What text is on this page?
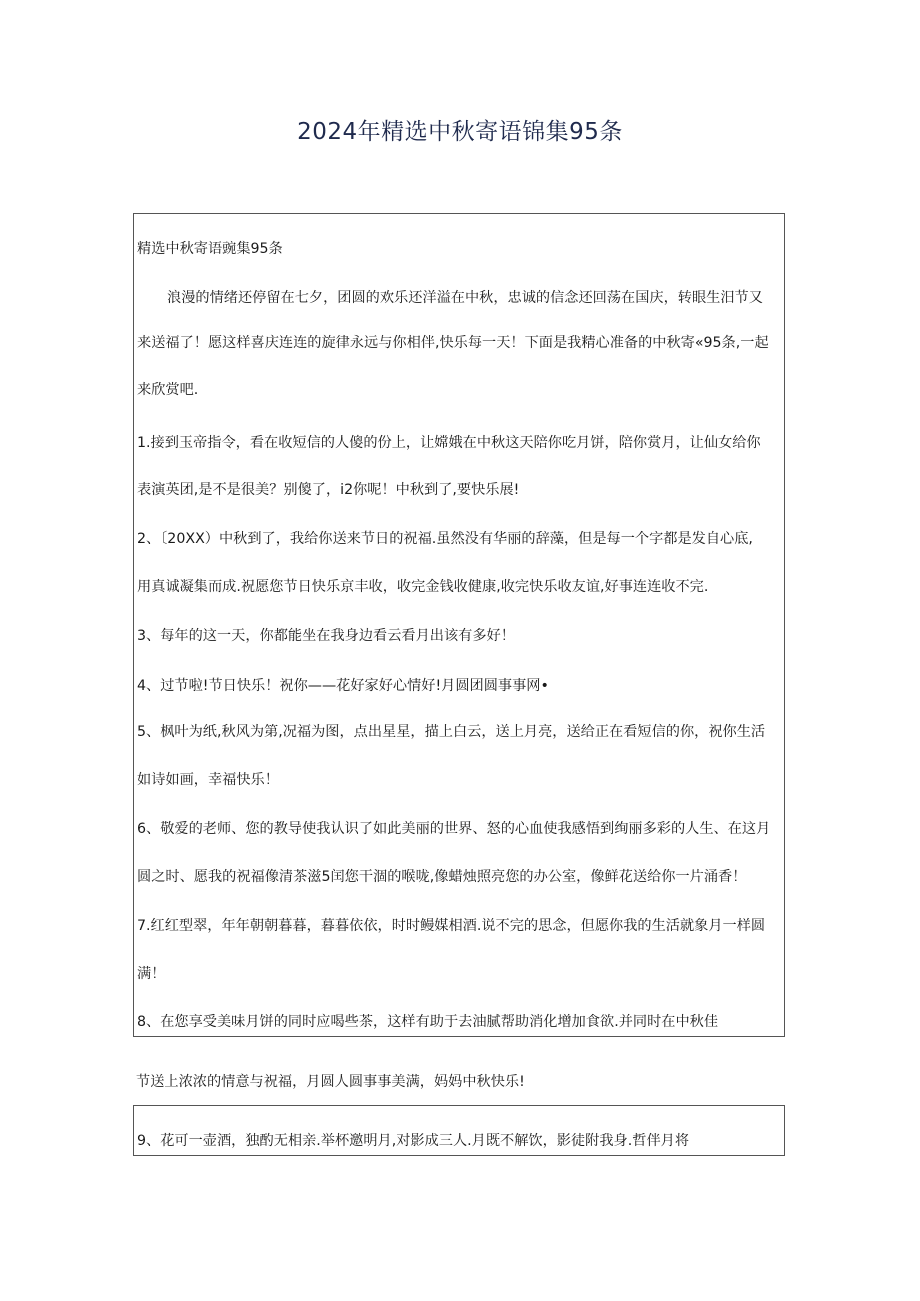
2024年精选中秋寄语锦集95条
精选中秋寄语豌集95条
浪漫的情绪还停留在七夕，团圆的欢乐还洋溢在中秋，忠诚的信念还回荡在国庆，转眼生汨节又
来送福了！愿这样喜庆连连的旋律永远与你相伴,快乐每一天！下面是我精心准备的中秋寄«95条,一起
来欣赏吧.
1.接到玉帝指令，看在收短信的人傻的份上，让嫦娥在中秋这天陪你吃月饼，陪你赏月，让仙女给你
表演英团,是不是很美？别傻了，i2你呢！中秋到了,要快乐展!
2、〔20XX）中秋到了，我给你送来节日的祝福.虽然没有华丽的辞藻，但是每一个字都是发自心底,
用真诚凝集而成.祝愿您节日快乐京丰收，收完金钱收健康,收完快乐收友谊,好事连连收不完.
3、每年的这一天，你都能坐在我身边看云看月出该有多好！
4、过节啦!节日快乐！祝你——花好家好心情好!月圆团圆事事网•
5、枫叶为纸,秋风为第,况福为图，点出星星，描上白云，送上月亮，送给正在看短信的你，祝你生活
如诗如画，幸福快乐！
6、敬爱的老师、您的教导使我认识了如此美丽的世界、怒的心血使我感悟到绚丽多彩的人生、在这月
圆之时、愿我的祝福像清茶滋5闰您干涸的喉咙,像蜡烛照亮您的办公室，像鲜花送给你一片涌香！
7.红红型翠，年年朝朝暮暮，暮暮依依，时时鳗媒相酒.说不完的思念，但愿你我的生活就象月一样圆
满！
8、在您享受美味月饼的同时应喝些茶，这样有助于去油腻帮助消化增加食欲.并同时在中秋佳
节送上浓浓的情意与祝福，月圆人圆事事美满，妈妈中秋快乐!
9、花可一壶酒，独酌无相亲.举杯邀明月,对影成三人.月既不解饮，影徒附我身.哲伴月将
